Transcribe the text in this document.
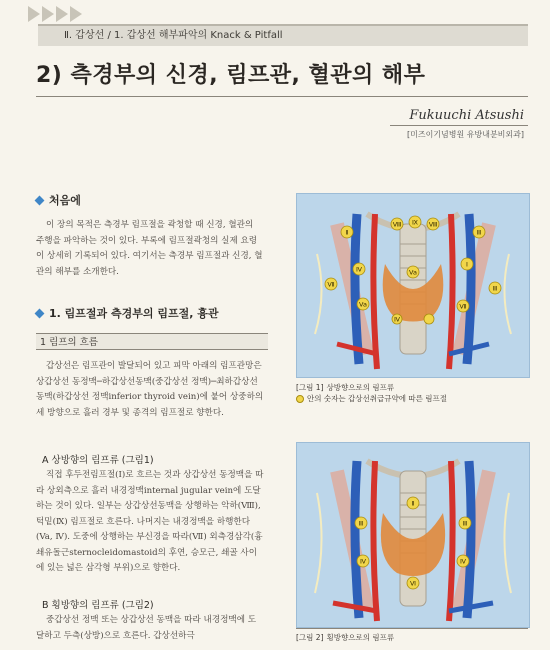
Ⅱ. 갑상선 / 1. 갑상선 해부파악의 Knack & Pitfall
2) 측경부의 신경, 림프관, 혈관의 해부
Fukuuchi Atsushi
[미즈이기념병원 유방내분비외과]
처음에

이 장의 목적은 측경부 림프절을 곽청할 때 신경, 혈관의 주행을 파악하는 것이 있다. 부록에 림프절곽청의 실제 요령이 상세히 기록되어 있다. 여기서는 측경부 림프절과 신경, 혈관의 해부를 소개한다.

1. 림프절과 측경부의 림프절, 흉관
1 림프의 흐름

갑상선은 림프관이 발달되어 있고 피막 아래의 림프관망은 상갑상선 동정맥─하갑상선동맥(중갑상선 정맥)─최하갑상선동맥(하갑상선 정맥inferior thyroid vein)에 붙어 상중하의 세 방향으로 흘러 경부 및 종격의 림프절로 향한다.

A 상방향의 림프류 (그림1)

직접 후두전림프절(Ⅰ)로 흐르는 것과 상갑상선 동정맥을 따라 상외측으로 흘러 내경정맥internal jugular vein에 도달하는 것이 있다. 일부는 상갑상선동맥을 상행하는 악하(Ⅷ), 턱밑(Ⅸ) 림프절로 흐른다. 나머지는 내경정맥을 하행한다(Va, Ⅳ). 도중에 상행하는 부신경을 따라(Ⅶ) 외측경삼각(흉쇄유돌근sternocleidomastoid의 후연, 승모근, 쇄골 사이에 있는 넓은 삼각형 부위)으로 향한다.

B 횡방향의 림프류 (그림2)

중갑상선 정맥 또는 상갑상선 동맥을 따라 내경정맥에 도달하고 두측(상방)으로 흐른다. 갑상선하극

Ⅷ Ⅸ Ⅷ
Ⅱ	Ⅲ
Ⅳ
Ⅰ
Va
Va	Ⅶ
Ⅶ	Ⅲ
Ⅳ
[그림 1] 상방향으로의 림프류
안의 숫자는 갑상선취급규약에 따른 림프절
Ⅲ	Ⅲ
Ⅱ
Ⅳ	Ⅳ
Ⅵ
[그림 2] 횡방향으로의 림프류
